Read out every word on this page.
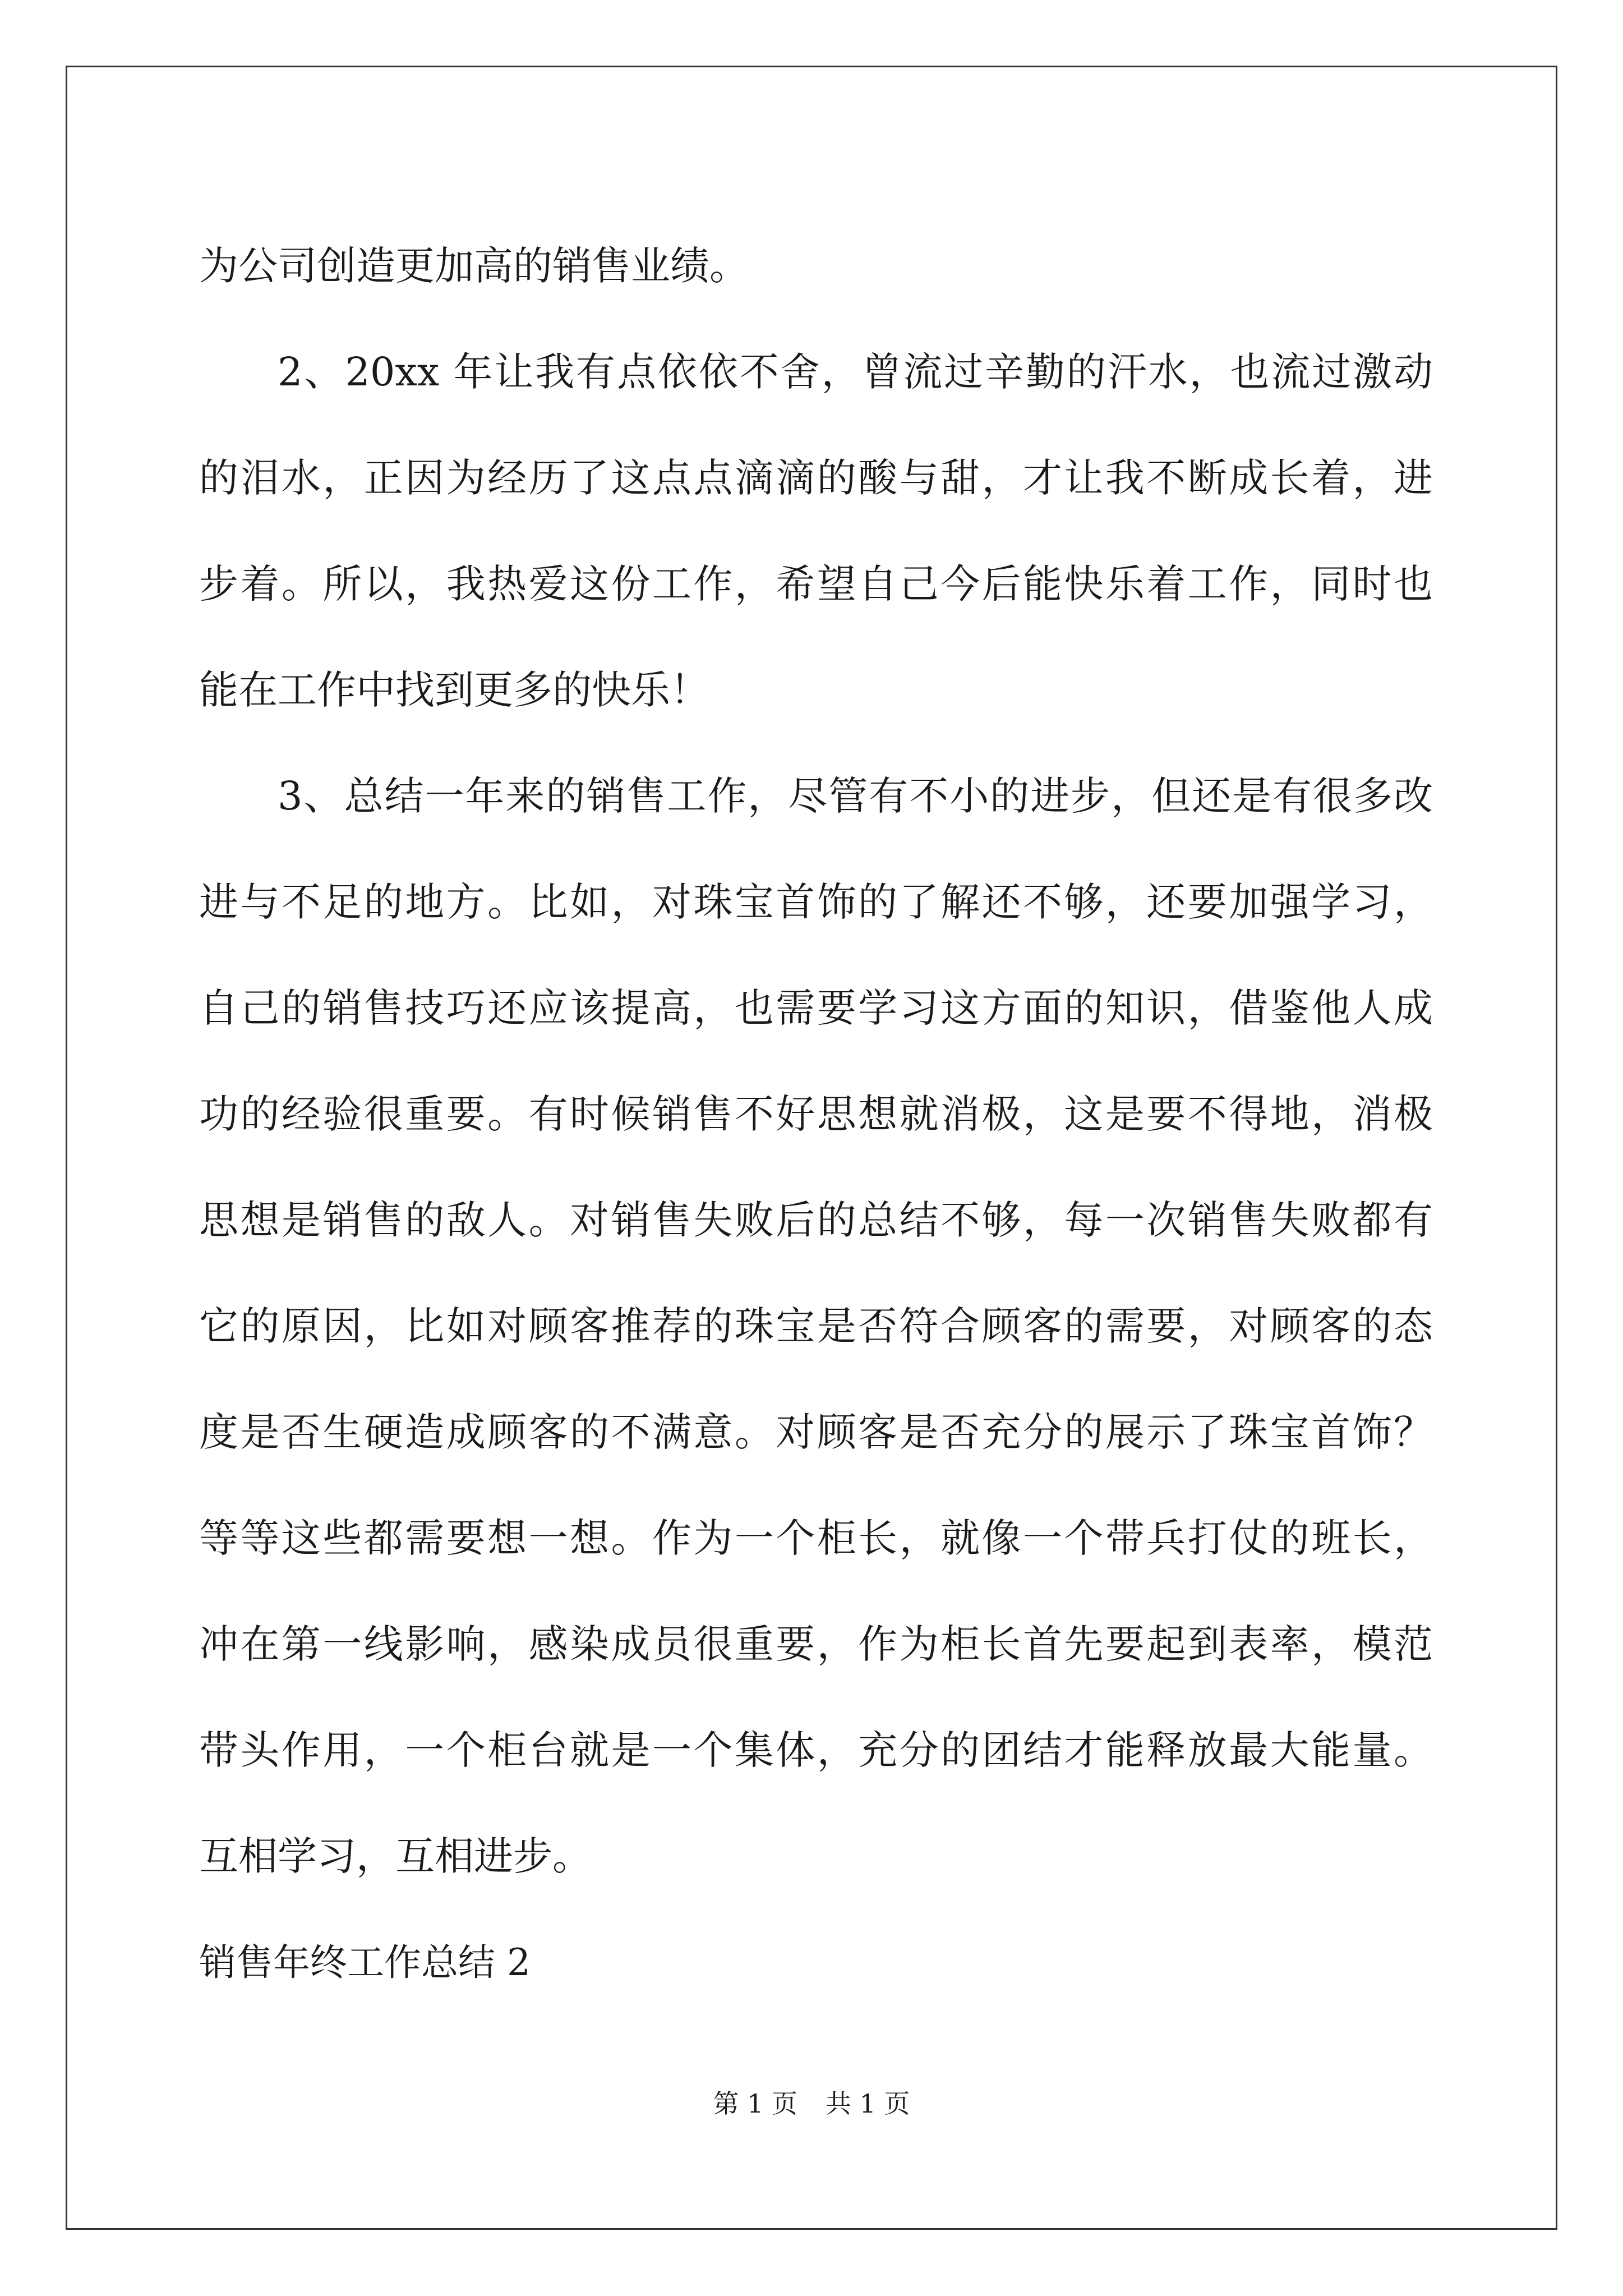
为公司创造更加高的销售业绩。
2、20xx 年让我有点依依不舍，曾流过辛勤的汗水，也流过激动
的泪水，正因为经历了这点点滴滴的酸与甜，才让我不断成长着，进
步着。所以，我热爱这份工作，希望自己今后能快乐着工作，同时也
能在工作中找到更多的快乐！
3、总结一年来的销售工作，尽管有不小的进步，但还是有很多改
进与不足的地方。比如，对珠宝首饰的了解还不够，还要加强学习，
自己的销售技巧还应该提高，也需要学习这方面的知识，借鉴他人成
功的经验很重要。有时候销售不好思想就消极，这是要不得地，消极
思想是销售的敌人。对销售失败后的总结不够，每一次销售失败都有
它的原因，比如对顾客推荐的珠宝是否符合顾客的需要，对顾客的态
度是否生硬造成顾客的不满意。对顾客是否充分的展示了珠宝首饰？
等等这些都需要想一想。作为一个柜长，就像一个带兵打仗的班长，
冲在第一线影响，感染成员很重要，作为柜长首先要起到表率，模范
带头作用，一个柜台就是一个集体，充分的团结才能释放最大能量。
互相学习，互相进步。
销售年终工作总结 2
第 1 页 共 1 页
